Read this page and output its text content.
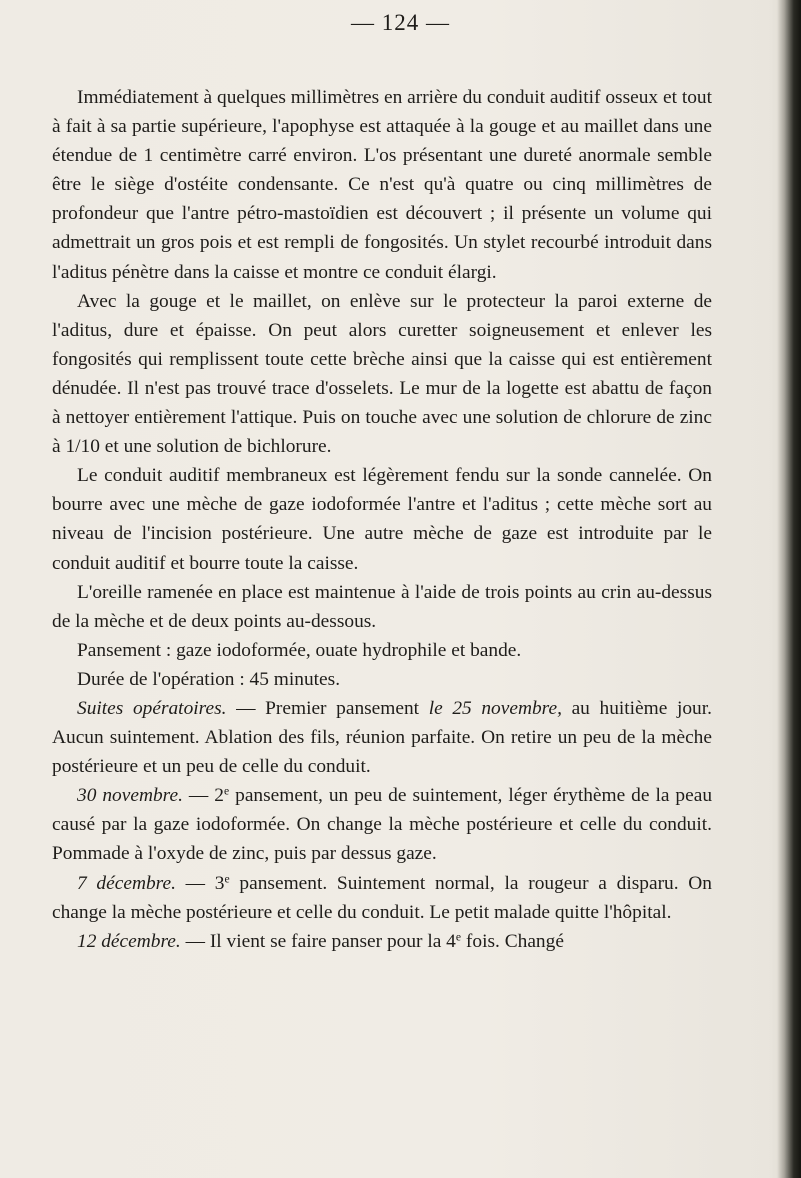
— 124 —

Immédiatement à quelques millimètres en arrière du conduit auditif osseux et tout à fait à sa partie supérieure, l'apophyse est attaquée à la gouge et au maillet dans une étendue de 1 centimètre carré environ. L'os présentant une dureté anormale semble être le siège d'ostéite condensante. Ce n'est qu'à quatre ou cinq millimètres de profondeur que l'antre pétro-mastoïdien est découvert ; il présente un volume qui admettrait un gros pois et est rempli de fongosités. Un stylet recourbé introduit dans l'aditus pénètre dans la caisse et montre ce conduit élargi.

Avec la gouge et le maillet, on enlève sur le protecteur la paroi externe de l'aditus, dure et épaisse. On peut alors curetter soigneusement et enlever les fongosités qui remplissent toute cette brèche ainsi que la caisse qui est entièrement dénudée. Il n'est pas trouvé trace d'osselets. Le mur de la logette est abattu de façon à nettoyer entièrement l'attique. Puis on touche avec une solution de chlorure de zinc à 1/10 et une solution de bichlorure.

Le conduit auditif membraneux est légèrement fendu sur la sonde cannelée. On bourre avec une mèche de gaze iodoformée l'antre et l'aditus ; cette mèche sort au niveau de l'incision postérieure. Une autre mèche de gaze est introduite par le conduit auditif et bourre toute la caisse.

L'oreille ramenée en place est maintenue à l'aide de trois points au crin au-dessus de la mèche et de deux points au-dessous.

Pansement : gaze iodoformée, ouate hydrophile et bande.

Durée de l'opération : 45 minutes.

Suites opératoires. — Premier pansement le 25 novembre, au huitième jour. Aucun suintement. Ablation des fils, réunion parfaite. On retire un peu de la mèche postérieure et un peu de celle du conduit.

30 novembre. — 2e pansement, un peu de suintement, léger érythème de la peau causé par la gaze iodoformée. On change la mèche postérieure et celle du conduit. Pommade à l'oxyde de zinc, puis par dessus gaze.

7 décembre. — 3e pansement. Suintement normal, la rougeur a disparu. On change la mèche postérieure et celle du conduit. Le petit malade quitte l'hôpital.

12 décembre. — Il vient se faire panser pour la 4e fois. Changé
